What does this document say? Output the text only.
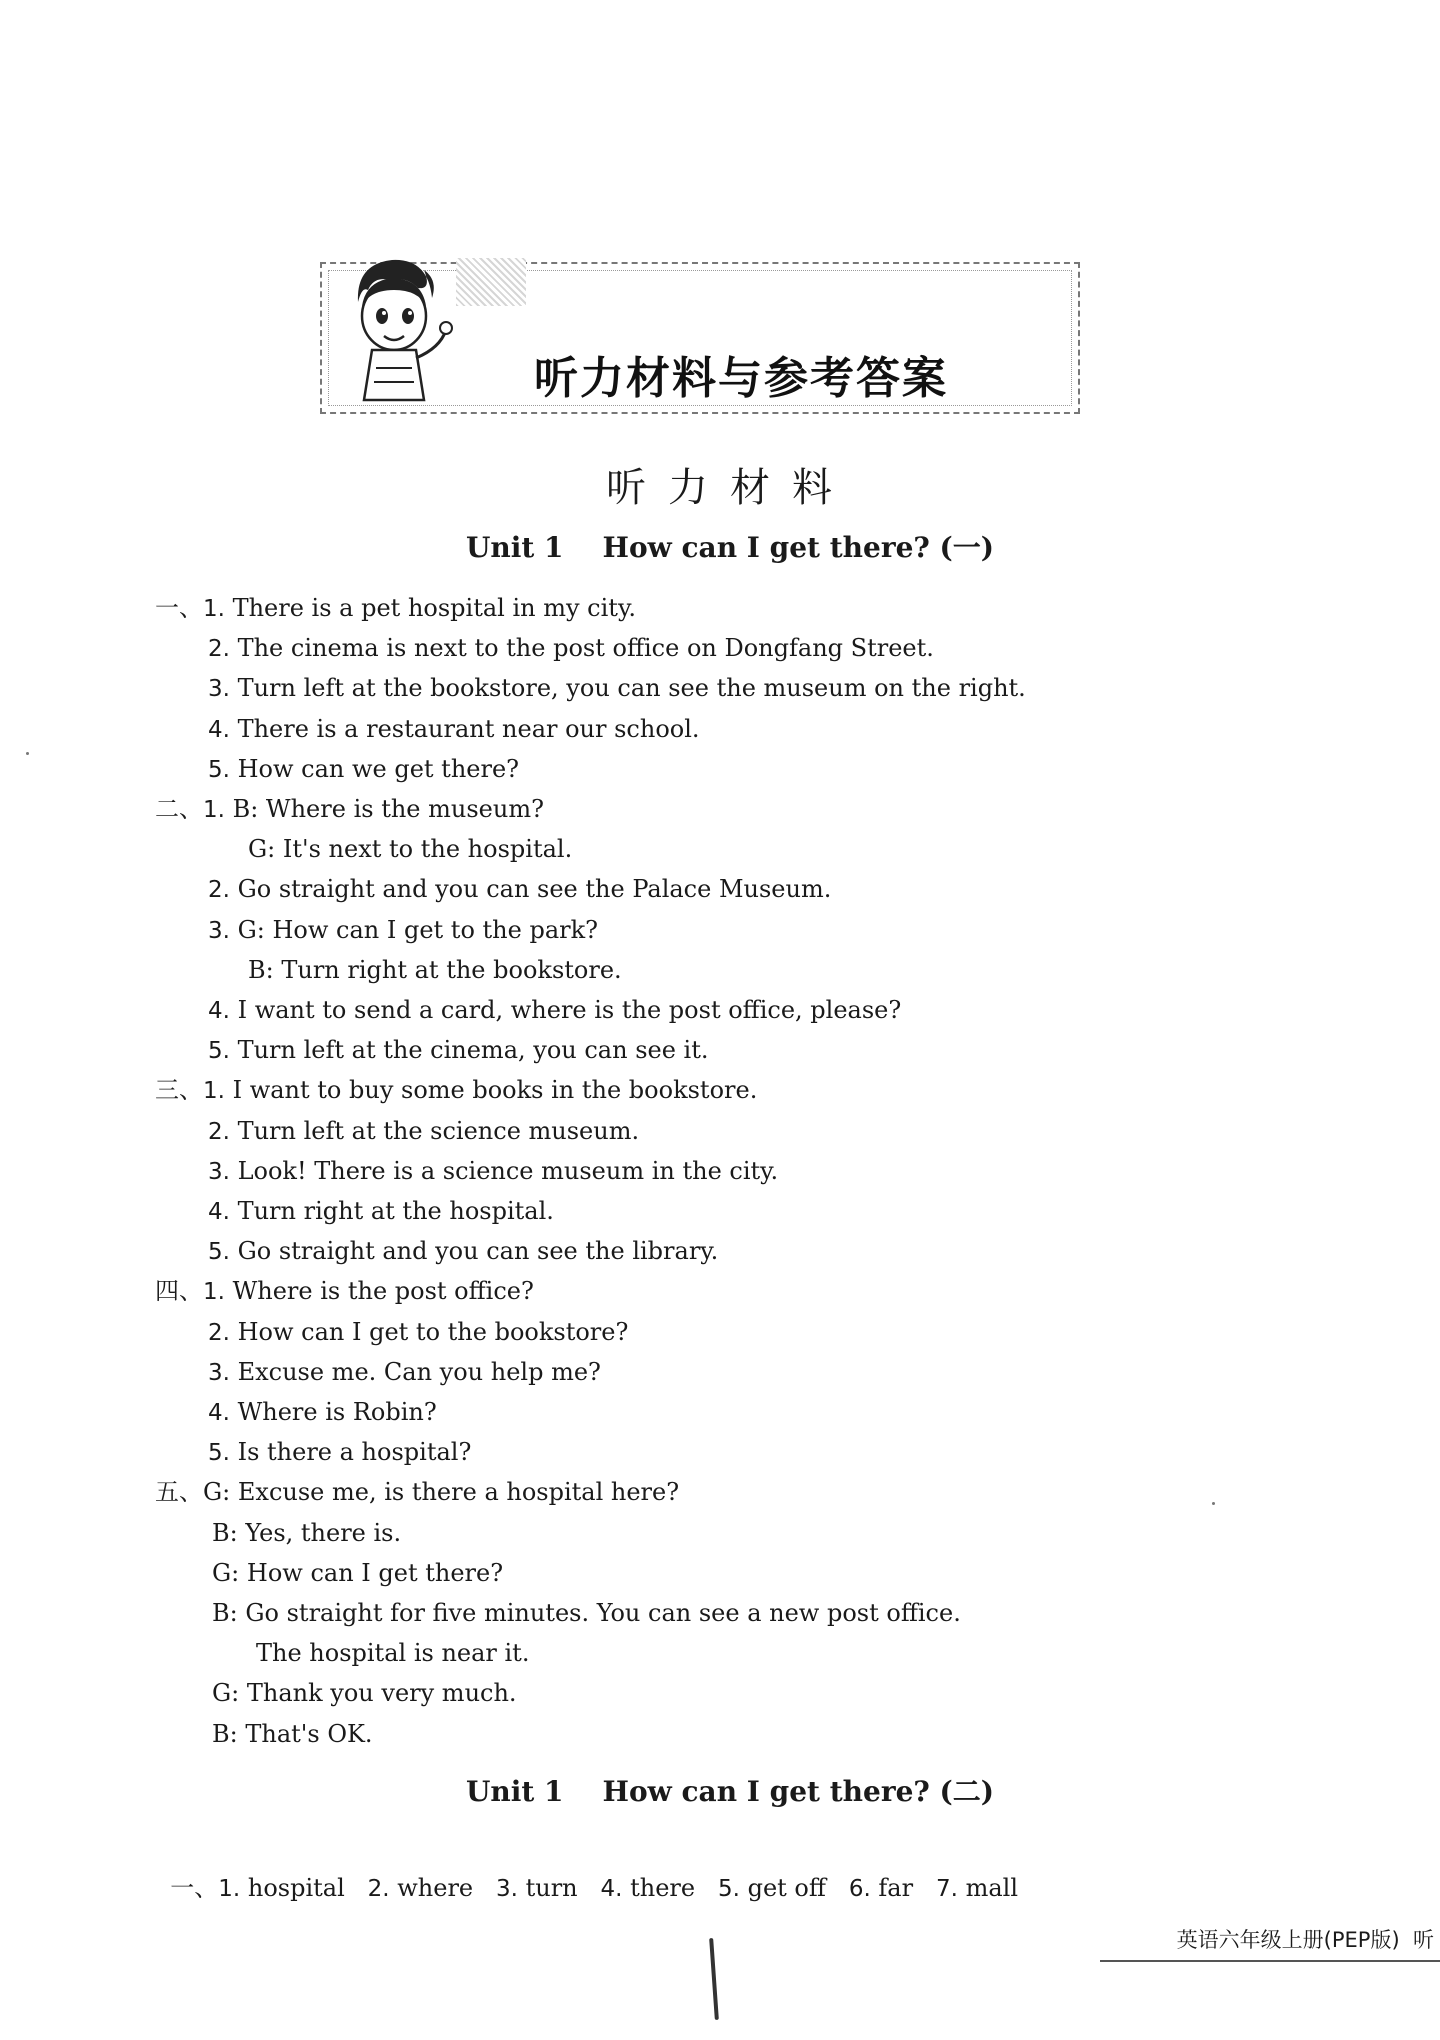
听力材料与参考答案
听力材料
Unit 1    How can I get there? (一)
Unit 1    How can I get there? (二)
一、1. There is a pet hospital in my city.
2. The cinema is next to the post office on Dongfang Street.
3. Turn left at the bookstore, you can see the museum on the right.
4. There is a restaurant near our school.
5. How can we get there?
二、1. B: Where is the museum?
G: It's next to the hospital.
2. Go straight and you can see the Palace Museum.
3. G: How can I get to the park?
B: Turn right at the bookstore.
4. I want to send a card, where is the post office, please?
5. Turn left at the cinema, you can see it.
三、1. I want to buy some books in the bookstore.
2. Turn left at the science museum.
3. Look! There is a science museum in the city.
4. Turn right at the hospital.
5. Go straight and you can see the library.
四、1. Where is the post office?
2. How can I get to the bookstore?
3. Excuse me. Can you help me?
4. Where is Robin?
5. Is there a hospital?
五、G: Excuse me, is there a hospital here?
B: Yes, there is.
G: How can I get there?
B: Go straight for five minutes. You can see a new post office.
The hospital is near it.
G: Thank you very much.
B: That's OK.

一、1. hospital 2. where 3. turn 4. there 5. get off 6. far 7. mall

英语六年级上册(PEP版)  听
